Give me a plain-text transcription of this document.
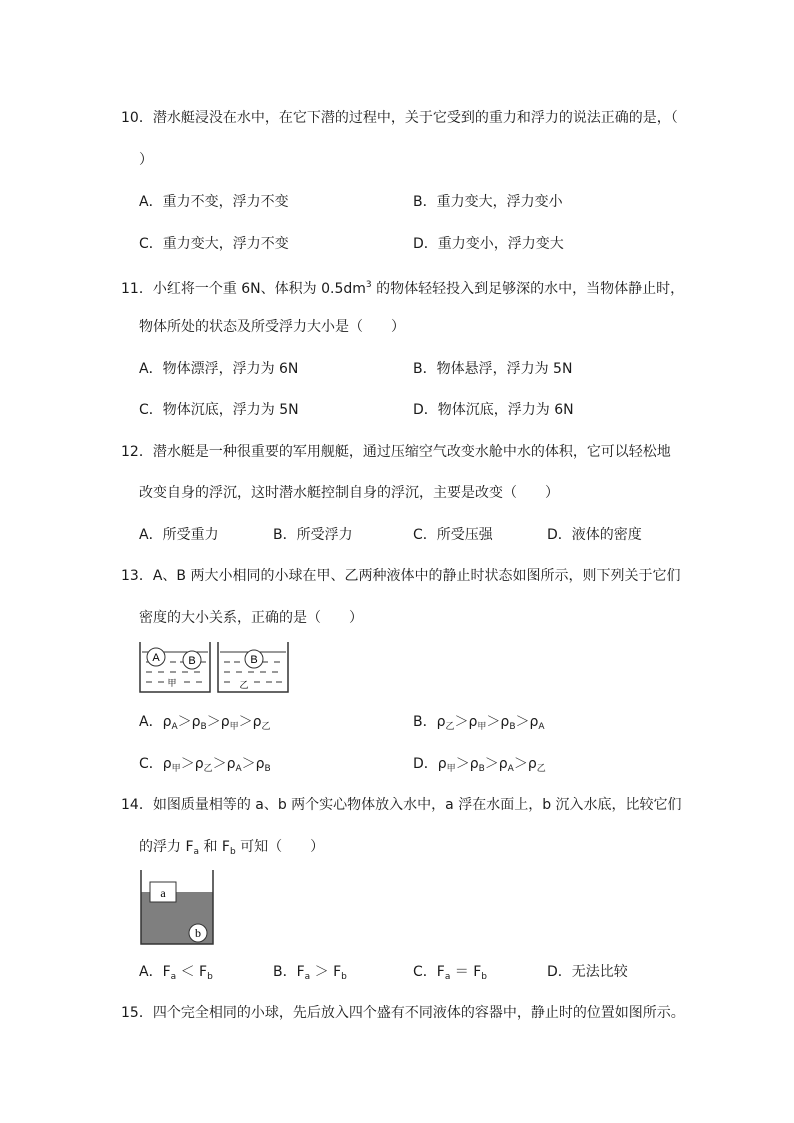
10．潜水艇浸没在水中，在它下潜的过程中，关于它受到的重力和浮力的说法正确的是，（
）
A．重力不变，浮力不变	B．重力变大，浮力变小
C．重力变大，浮力不变	D．重力变小，浮力变大
11．小红将一个重 6N、体积为 $0.5dm^3$ 的物体轻轻投入到足够深的水中，当物体静止时，
物体所处的状态及所受浮力大小是（　　）
A．物体漂浮，浮力为 6N	B．物体悬浮，浮力为 5N
C．物体沉底，浮力为 5N	D．物体沉底，浮力为 6N
12．潜水艇是一种很重要的军用舰艇，通过压缩空气改变水舱中水的体积，它可以轻松地
改变自身的浮沉，这时潜水艇控制自身的浮沉，主要是改变（　　）
A．所受重力	B．所受浮力	C．所受压强	D．液体的密度
13．A、B 两大小相同的小球在甲、乙两种液体中的静止时状态如图所示，则下列关于它们
密度的大小关系，正确的是（　　）
A	B
甲
B
乙
A．$\rho_A>\rho_B>\rho_甲>\rho_乙$	B．$\rho_乙>\rho_甲>\rho_B>\rho_A$
C．$\rho_甲>\rho_乙>\rho_A>\rho_B$	D．$\rho_甲>\rho_B>\rho_A>\rho_乙$
14．如图质量相等的 a、b 两个实心物体放入水中，a 浮在水面上，b 沉入水底，比较它们
的浮力 $F_a$ 和 $F_b$ 可知（　　）
a
b
A．$F_a < F_b$	B．$F_a > F_b$	C．$F_a = F_b$	D．无法比较
15．四个完全相同的小球，先后放入四个盛有不同液体的容器中，静止时的位置如图所示。
